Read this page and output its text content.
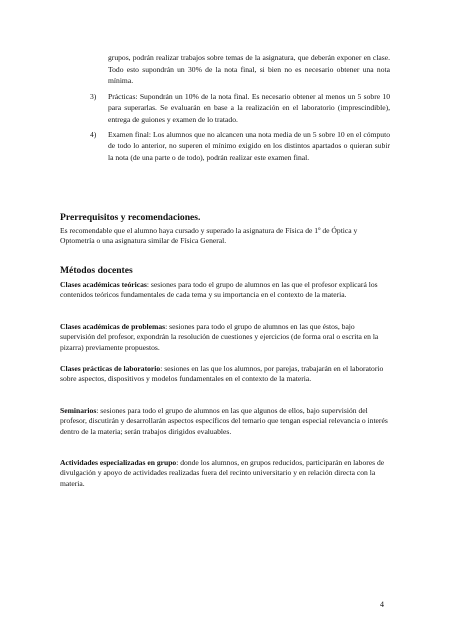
grupos, podrán realizar trabajos sobre temas de la asignatura, que deberán exponer en clase. Todo esto supondrán un 30% de la nota final, si bien no es necesario obtener una nota mínima.
3) Prácticas: Supondrán un 10% de la nota final. Es necesario obtener al menos un 5 sobre 10 para superarlas. Se evaluarán en base a la realización en el laboratorio (imprescindible), entrega de guiones y examen de lo tratado.
4) Examen final: Los alumnos que no alcancen una nota media de un 5 sobre 10 en el cómputo de todo lo anterior, no superen el mínimo exigido en los distintos apartados o quieran subir la nota (de una parte o de todo), podrán realizar este examen final.
Prerrequisitos y recomendaciones.
Es recomendable que el alumno haya cursado y superado la asignatura de Física de 1º de Óptica y Optometría o una asignatura similar de Física General.
Métodos docentes
Clases académicas teóricas: sesiones para todo el grupo de alumnos en las que el profesor explicará los contenidos teóricos fundamentales de cada tema y su importancia en el contexto de la materia.
Clases académicas de problemas: sesiones para todo el grupo de alumnos en las que éstos, bajo supervisión del profesor, expondrán la resolución de cuestiones y ejercicios (de forma oral o escrita en la pizarra) previamente propuestos.
Clases prácticas de laboratorio: sesiones en las que los alumnos, por parejas, trabajarán en el laboratorio sobre aspectos, dispositivos y modelos fundamentales en el contexto de la materia.
Seminarios: sesiones para todo el grupo de alumnos en las que algunos de ellos, bajo supervisión del profesor, discutirán y desarrollarán aspectos específicos del temario que tengan especial relevancia o interés dentro de la materia; serán trabajos dirigidos evaluables.
Actividades especializadas en grupo: donde los alumnos, en grupos reducidos, participarán en labores de divulgación y apoyo de actividades realizadas fuera del recinto universitario y en relación directa con la materia.
4
